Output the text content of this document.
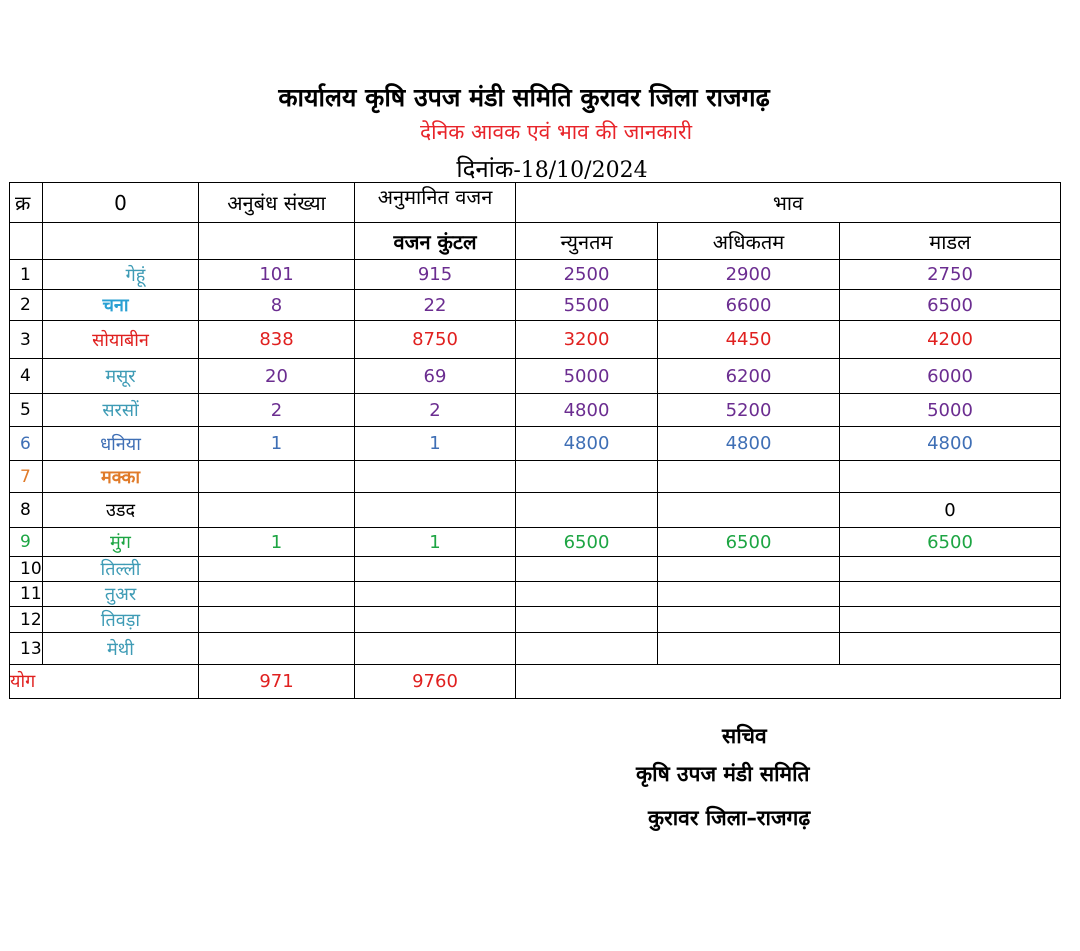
कार्यालय कृषि उपज मंडी समिति कुरावर जिला राजगढ़
देनिक आवक एवं भाव की जानकारी
दिनांक-18/10/2024
क्र	0	अनुबंध संख्या	अनुमानित वजन	भाव		
			वजन कुंटल	न्युनतम	अधिकतम	माडल
1	गेहूं	101	915	2500	2900	2750
2	चना	8	22	5500	6600	6500
3	सोयाबीन	838	8750	3200	4450	4200
4	मसूर	20	69	5000	6200	6000
5	सरसों	2	2	4800	5200	5000
6	धनिया	1	1	4800	4800	4800
7	मक्का					
8	उडद					0
9	मुंग	1	1	6500	6500	6500
10	तिल्ली					
11	तुअर					
12	तिवड़ा					
13	मेथी					
योग		971	9760			
सचिव
कृषि उपज मंडी समिति
कुरावर जिला–राजगढ़
